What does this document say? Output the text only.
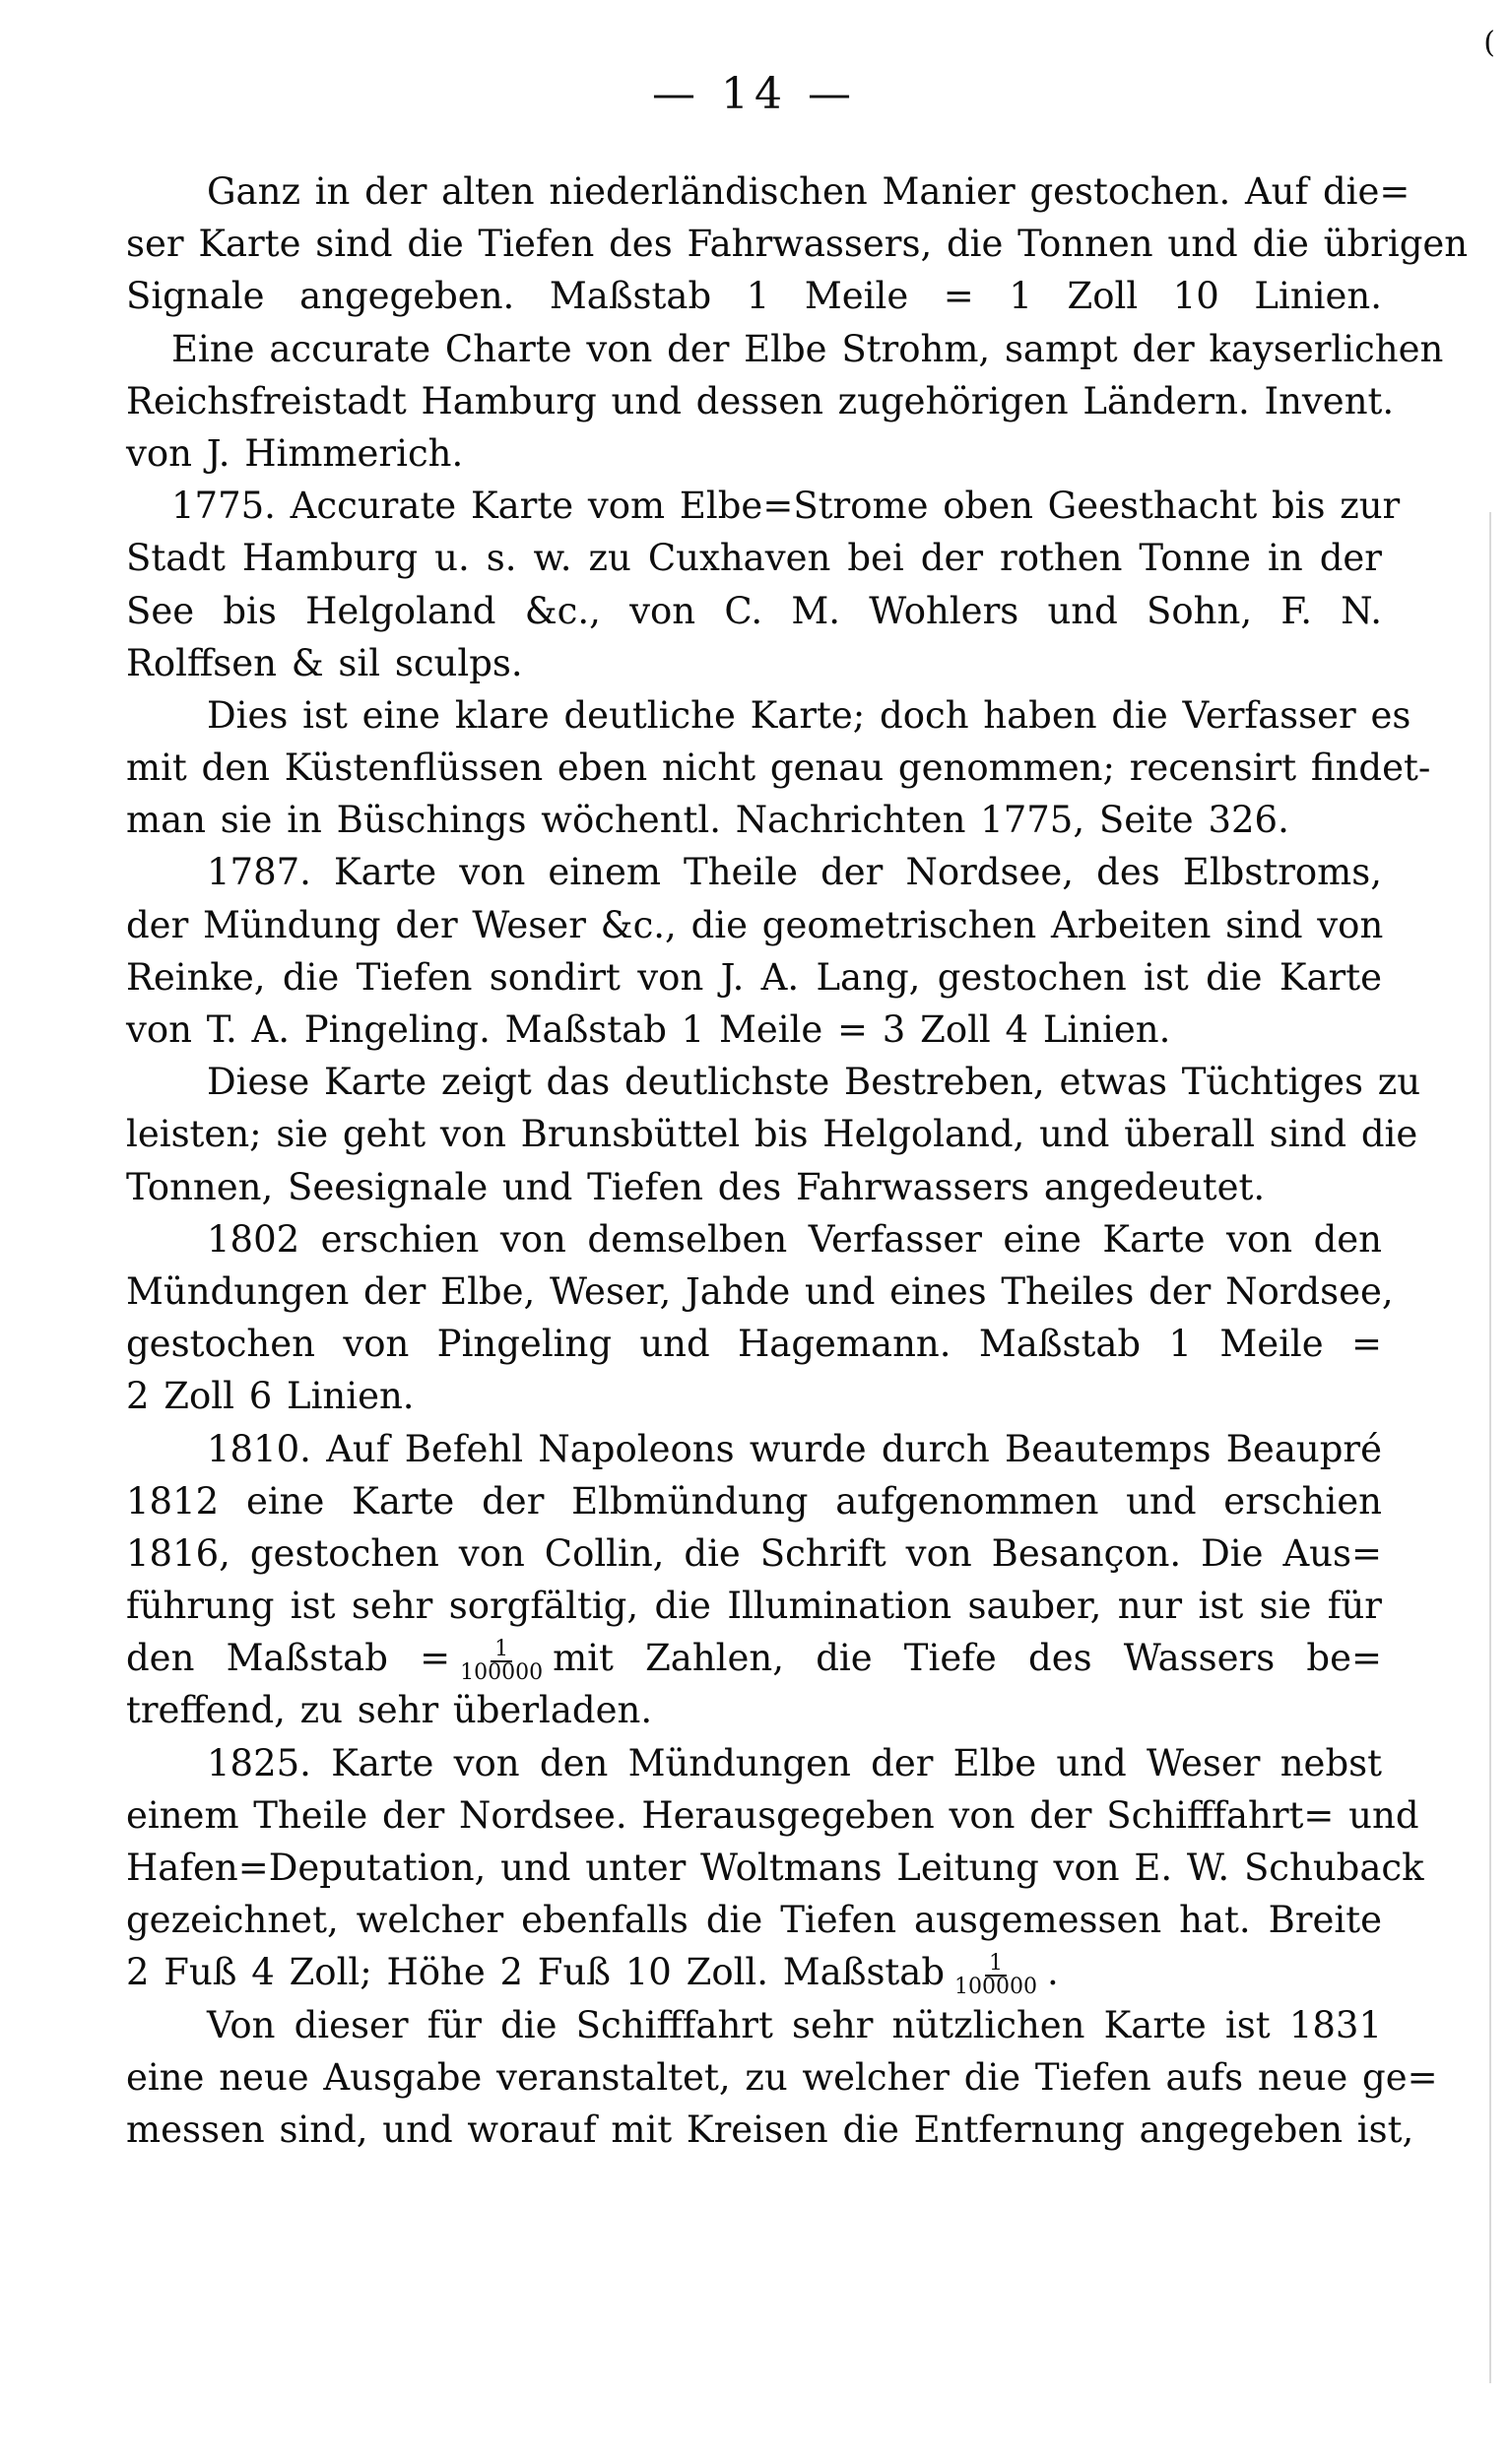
(
— 14 —
Ganz in der alten niederländischen Manier gestochen. Auf die=
ser Karte sind die Tiefen des Fahrwassers, die Tonnen und die übrigen
Signale angegeben. Maßstab 1 Meile = 1 Zoll 10 Linien.
Eine accurate Charte von der Elbe Strohm, sampt der kayserlichen
Reichsfreistadt Hamburg und dessen zugehörigen Ländern. Invent.
von J. Himmerich.
1775. Accurate Karte vom Elbe=Strome oben Geesthacht bis zur
Stadt Hamburg u. s. w. zu Cuxhaven bei der rothen Tonne in der
See bis Helgoland &c., von C. M. Wohlers und Sohn, F. N.
Rolffsen & sil sculps.
Dies ist eine klare deutliche Karte; doch haben die Verfasser es
mit den Küstenflüssen eben nicht genau genommen; recensirt findet-
man sie in Büschings wöchentl. Nachrichten 1775, Seite 326.
1787. Karte von einem Theile der Nordsee, des Elbstroms,
der Mündung der Weser &c., die geometrischen Arbeiten sind von
Reinke, die Tiefen sondirt von J. A. Lang, gestochen ist die Karte
von T. A. Pingeling. Maßstab 1 Meile = 3 Zoll 4 Linien.
Diese Karte zeigt das deutlichste Bestreben, etwas Tüchtiges zu
leisten; sie geht von Brunsbüttel bis Helgoland, und überall sind die
Tonnen, Seesignale und Tiefen des Fahrwassers angedeutet.
1802 erschien von demselben Verfasser eine Karte von den
Mündungen der Elbe, Weser, Jahde und eines Theiles der Nordsee,
gestochen von Pingeling und Hagemann. Maßstab 1 Meile =
2 Zoll 6 Linien.
1810. Auf Befehl Napoleons wurde durch Beautemps Beaupré
1812 eine Karte der Elbmündung aufgenommen und erschien
1816, gestochen von Collin, die Schrift von Besançon. Die Aus=
führung ist sehr sorgfältig, die Illumination sauber, nur ist sie für
den Maßstab = $\frac{1}{100000}$ mit Zahlen, die Tiefe des Wassers be=
treffend, zu sehr überladen.
1825. Karte von den Mündungen der Elbe und Weser nebst
einem Theile der Nordsee. Herausgegeben von der Schifffahrt= und
Hafen=Deputation, und unter Woltmans Leitung von E. W. Schuback
gezeichnet, welcher ebenfalls die Tiefen ausgemessen hat. Breite
2 Fuß 4 Zoll; Höhe 2 Fuß 10 Zoll. Maßstab $\frac{1}{100000}$ .
Von dieser für die Schifffahrt sehr nützlichen Karte ist 1831
eine neue Ausgabe veranstaltet, zu welcher die Tiefen aufs neue ge=
messen sind, und worauf mit Kreisen die Entfernung angegeben ist,
